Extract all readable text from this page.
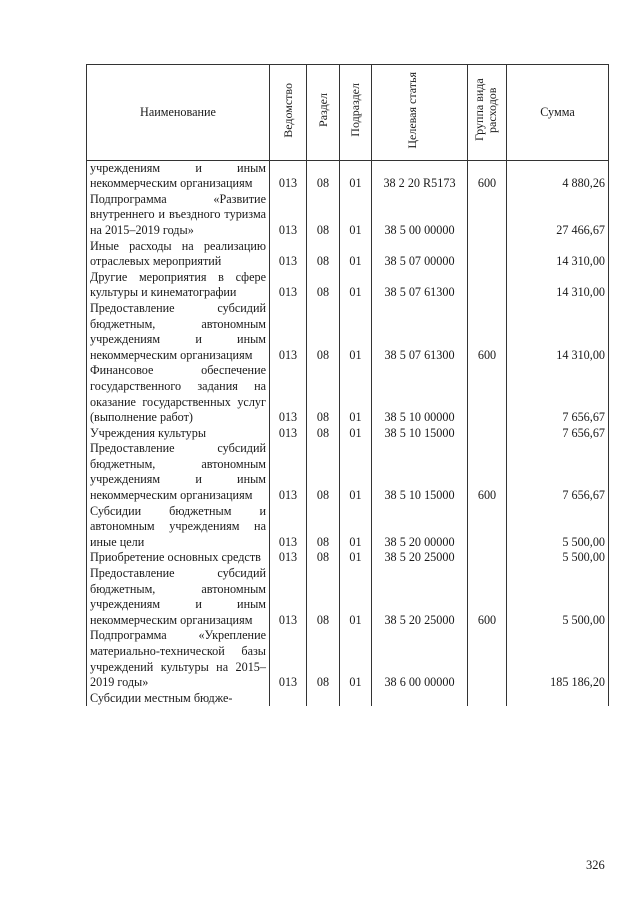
Наименование	Ведомство	Раздел	Подраздел	Целевая статья	Группа вида расходов	Сумма
учреждениям и иным некоммерческим организациям	013	08	01	38 2 20 R5173	600	4 880,26
Подпрограмма «Развитие внутреннего и въездного туризма на 2015–2019 годы»	013	08	01	38 5 00 00000		27 466,67
Иные расходы на реализацию отраслевых мероприятий	013	08	01	38 5 07 00000		14 310,00
Другие мероприятия в сфере культуры и кинематографии	013	08	01	38 5 07 61300		14 310,00
Предоставление субсидий бюджетным, автономным учреждениям и иным некоммерческим организациям	013	08	01	38 5 07 61300	600	14 310,00
Финансовое обеспечение государственного задания на оказание государственных услуг (выполнение работ)	013	08	01	38 5 10 00000		7 656,67
Учреждения культуры	013	08	01	38 5 10 15000		7 656,67
Предоставление субсидий бюджетным, автономным учреждениям и иным некоммерческим организациям	013	08	01	38 5 10 15000	600	7 656,67
Субсидии бюджетным и автономным учреждениям на иные цели	013	08	01	38 5 20 00000		5 500,00
Приобретение основных средств	013	08	01	38 5 20 25000		5 500,00
Предоставление субсидий бюджетным, автономным учреждениям и иным некоммерческим организациям	013	08	01	38 5 20 25000	600	5 500,00
Подпрограмма «Укрепление материально-технической базы учреждений культуры на 2015–2019 годы»	013	08	01	38 6 00 00000		185 186,20
Субсидии местным бюдже-						
326
